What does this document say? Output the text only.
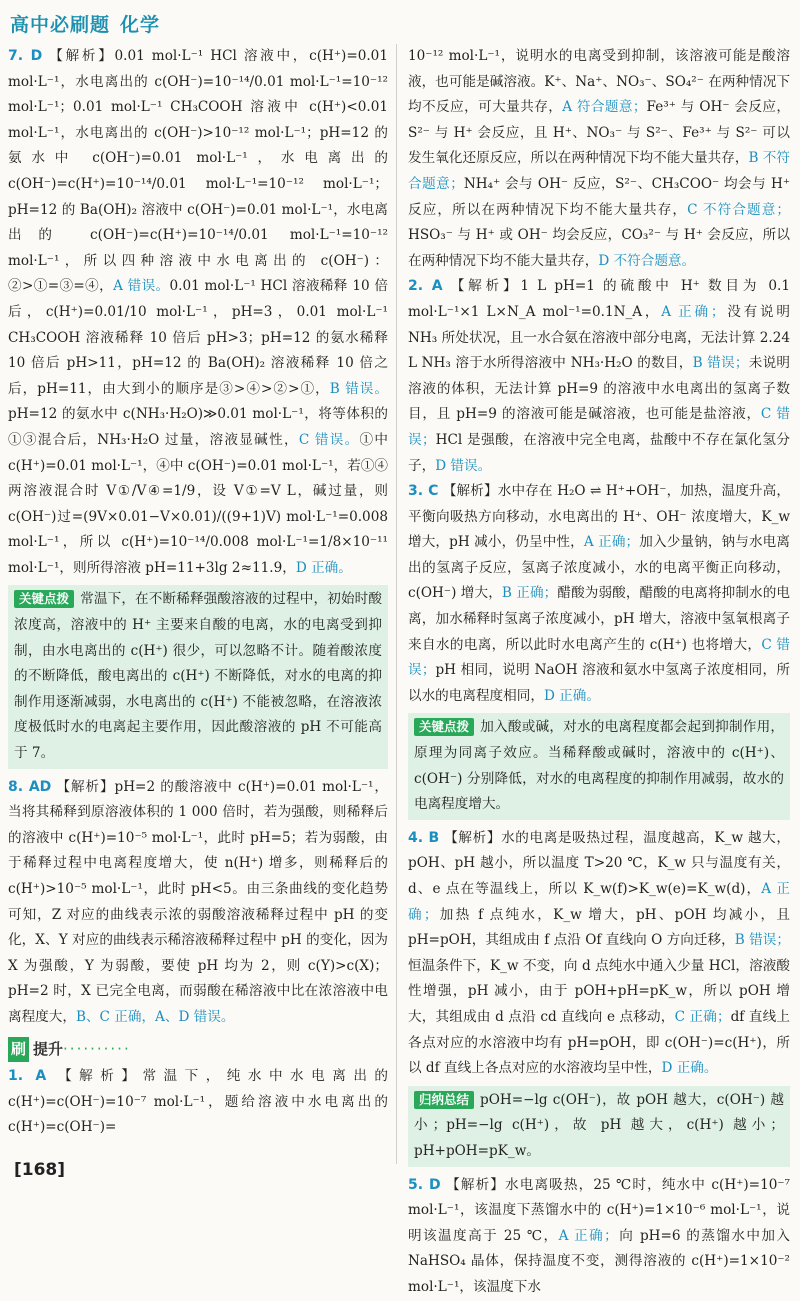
高中必刷题 化学

7. D 【解析】0.01 mol·L⁻¹ HCl 溶液中，c(H⁺)=0.01 mol·L⁻¹，水电离出的 c(OH⁻)=10⁻¹⁴/0.01 mol·L⁻¹=10⁻¹² mol·L⁻¹；0.01 mol·L⁻¹ CH₃COOH 溶液中 c(H⁺)<0.01 mol·L⁻¹，水电离出的 c(OH⁻)>10⁻¹² mol·L⁻¹；pH=12 的氨水中 c(OH⁻)=0.01 mol·L⁻¹，水电离出的 c(OH⁻)=c(H⁺)=10⁻¹⁴/0.01 mol·L⁻¹=10⁻¹² mol·L⁻¹；pH=12 的 Ba(OH)₂ 溶液中 c(OH⁻)=0.01 mol·L⁻¹，水电离出的 c(OH⁻)=c(H⁺)=10⁻¹⁴/0.01 mol·L⁻¹=10⁻¹² mol·L⁻¹，所以四种溶液中水电离出的 c(OH⁻)：②>①=③=④，A 错误。0.01 mol·L⁻¹ HCl 溶液稀释 10 倍后，c(H⁺)=0.01/10 mol·L⁻¹，pH=3，0.01 mol·L⁻¹ CH₃COOH 溶液稀释 10 倍后 pH>3；pH=12 的氨水稀释 10 倍后 pH>11，pH=12 的 Ba(OH)₂ 溶液稀释 10 倍之后，pH=11，由大到小的顺序是③>④>②>①，B 错误。pH=12 的氨水中 c(NH₃·H₂O)≫0.01 mol·L⁻¹，将等体积的①③混合后，NH₃·H₂O 过量，溶液显碱性，C 错误。①中 c(H⁺)=0.01 mol·L⁻¹，④中 c(OH⁻)=0.01 mol·L⁻¹，若①④两溶液混合时 V①/V④=1/9，设 V①=V L，碱过量，则 c(OH⁻)过=(9V×0.01−V×0.01)/((9+1)V) mol·L⁻¹=0.008 mol·L⁻¹，所以 c(H⁺)=10⁻¹⁴/0.008 mol·L⁻¹=1/8×10⁻¹¹ mol·L⁻¹，则所得溶液 pH=11+3lg 2≈11.9，D 正确。

关键点拨 常温下，在不断稀释强酸溶液的过程中，初始时酸浓度高，溶液中的 H⁺ 主要来自酸的电离，水的电离受到抑制，由水电离出的 c(H⁺) 很少，可以忽略不计。随着酸浓度的不断降低，酸电离出的 c(H⁺) 不断降低，对水的电离的抑制作用逐渐减弱，水电离出的 c(H⁺) 不能被忽略，在溶液浓度极低时水的电离起主要作用，因此酸溶液的 pH 不可能高于 7。

8. AD 【解析】pH=2 的酸溶液中 c(H⁺)=0.01 mol·L⁻¹，当将其稀释到原溶液体积的 1 000 倍时，若为强酸，则稀释后的溶液中 c(H⁺)=10⁻⁵ mol·L⁻¹，此时 pH=5；若为弱酸，由于稀释过程中电离程度增大，使 n(H⁺) 增多，则稀释后的 c(H⁺)>10⁻⁵ mol·L⁻¹，此时 pH<5。由三条曲线的变化趋势可知，Z 对应的曲线表示浓的弱酸溶液稀释过程中 pH 的变化，X、Y 对应的曲线表示稀溶液稀释过程中 pH 的变化，因为 X 为强酸，Y 为弱酸，要使 pH 均为 2，则 c(Y)>c(X)；pH=2 时，X 已完全电离，而弱酸在稀溶液中比在浓溶液中电离程度大，B、C 正确，A、D 错误。

刷 提升··········

1. A 【解析】常温下，纯水中水电离出的 c(H⁺)=c(OH⁻)=10⁻⁷ mol·L⁻¹，题给溶液中水电离出的 c(H⁺)=c(OH⁻)=

10⁻¹² mol·L⁻¹，说明水的电离受到抑制，该溶液可能是酸溶液，也可能是碱溶液。K⁺、Na⁺、NO₃⁻、SO₄²⁻ 在两种情况下均不反应，可大量共存，A 符合题意；Fe³⁺ 与 OH⁻ 会反应，S²⁻ 与 H⁺ 会反应，且 H⁺、NO₃⁻ 与 S²⁻、Fe³⁺ 与 S²⁻ 可以发生氧化还原反应，所以在两种情况下均不能大量共存，B 不符合题意；NH₄⁺ 会与 OH⁻ 反应，S²⁻、CH₃COO⁻ 均会与 H⁺ 反应，所以在两种情况下均不能大量共存，C 不符合题意；HSO₃⁻ 与 H⁺ 或 OH⁻ 均会反应，CO₃²⁻ 与 H⁺ 会反应，所以在两种情况下均不能大量共存，D 不符合题意。

2. A 【解析】1 L pH=1 的硫酸中 H⁺ 数目为 0.1 mol·L⁻¹×1 L×N_A mol⁻¹=0.1N_A，A 正确；没有说明 NH₃ 所处状况，且一水合氨在溶液中部分电离，无法计算 2.24 L NH₃ 溶于水所得溶液中 NH₃·H₂O 的数目，B 错误；未说明溶液的体积，无法计算 pH=9 的溶液中水电离出的氢离子数目，且 pH=9 的溶液可能是碱溶液，也可能是盐溶液，C 错误；HCl 是强酸，在溶液中完全电离，盐酸中不存在氯化氢分子，D 错误。

3. C 【解析】水中存在 H₂O ⇌ H⁺+OH⁻，加热，温度升高，平衡向吸热方向移动，水电离出的 H⁺、OH⁻ 浓度增大，K_w 增大，pH 减小，仍呈中性，A 正确；加入少量钠，钠与水电离出的氢离子反应，氢离子浓度减小，水的电离平衡正向移动，c(OH⁻) 增大，B 正确；醋酸为弱酸，醋酸的电离将抑制水的电离，加水稀释时氢离子浓度减小，pH 增大，溶液中氢氧根离子来自水的电离，所以此时水电离产生的 c(H⁺) 也将增大，C 错误；pH 相同，说明 NaOH 溶液和氨水中氢离子浓度相同，所以水的电离程度相同，D 正确。

关键点拨 加入酸或碱，对水的电离程度都会起到抑制作用，原理为同离子效应。当稀释酸或碱时，溶液中的 c(H⁺)、c(OH⁻) 分别降低，对水的电离程度的抑制作用减弱，故水的电离程度增大。

4. B 【解析】水的电离是吸热过程，温度越高，K_w 越大，pOH、pH 越小，所以温度 T>20 ℃，K_w 只与温度有关，d、e 点在等温线上，所以 K_w(f)>K_w(e)=K_w(d)，A 正确；加热 f 点纯水，K_w 增大，pH、pOH 均减小，且 pH=pOH，其组成由 f 点沿 Of 直线向 O 方向迁移，B 错误；恒温条件下，K_w 不变，向 d 点纯水中通入少量 HCl，溶液酸性增强，pH 减小，由于 pOH+pH=pK_w，所以 pOH 增大，其组成由 d 点沿 cd 直线向 e 点移动，C 正确；df 直线上各点对应的水溶液中均有 pH=pOH，即 c(OH⁻)=c(H⁺)，所以 df 直线上各点对应的水溶液均呈中性，D 正确。

归纳总结 pOH=−lg c(OH⁻)，故 pOH 越大，c(OH⁻) 越小；pH=−lg c(H⁺)，故 pH 越大，c(H⁺) 越小；pH+pOH=pK_w。

5. D 【解析】水电离吸热，25 ℃时，纯水中 c(H⁺)=10⁻⁷ mol·L⁻¹，该温度下蒸馏水中的 c(H⁺)=1×10⁻⁶ mol·L⁻¹，说明该温度高于 25 ℃，A 正确；向 pH=6 的蒸馏水中加入 NaHSO₄ 晶体，保持温度不变，测得溶液的 c(H⁺)=1×10⁻² mol·L⁻¹，该温度下水

[168]
